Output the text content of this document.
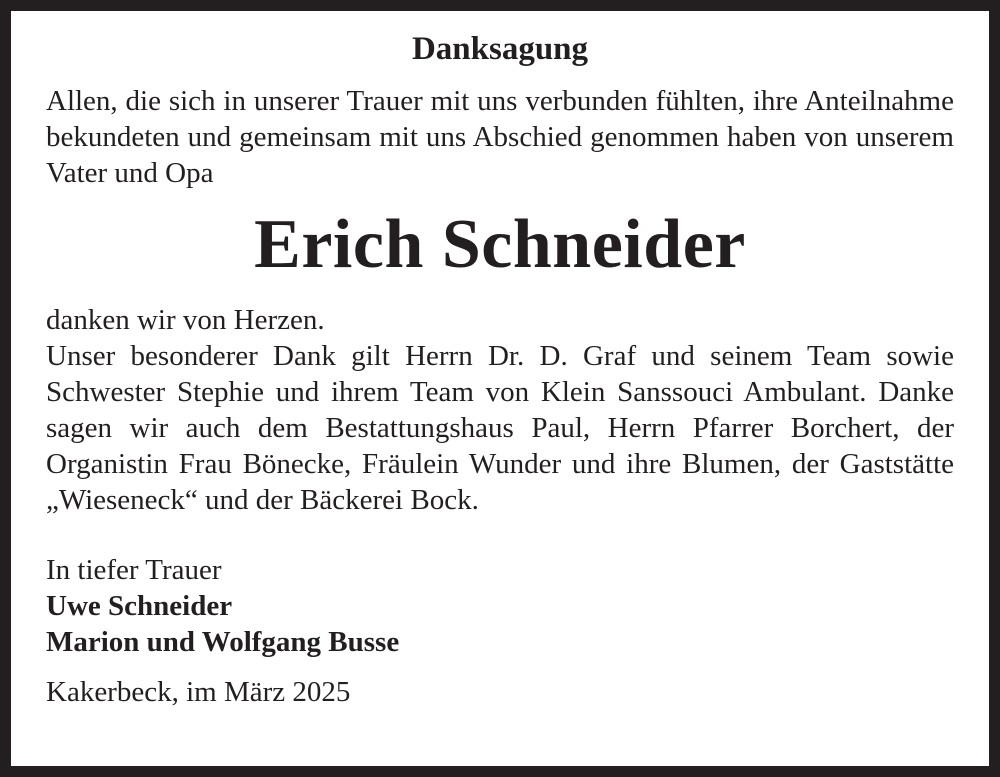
Danksagung

Allen, die sich in unserer Trauer mit uns verbunden fühlten, ihre Anteilnahme bekundeten und gemeinsam mit uns Abschied genommen haben von unserem Vater und Opa

Erich Schneider

danken wir von Herzen.

Unser besonderer Dank gilt Herrn Dr. D. Graf und seinem Team sowie Schwester Stephie und ihrem Team von Klein Sanssouci Ambulant. Danke sagen wir auch dem Bestattungshaus Paul, Herrn Pfarrer Borchert, der Organistin Frau Bönecke, Fräulein Wunder und ihre Blumen, der Gaststätte „Wieseneck“ und der Bäckerei Bock.

In tiefer Trauer

Uwe Schneider

Marion und Wolfgang Busse

Kakerbeck, im März 2025
